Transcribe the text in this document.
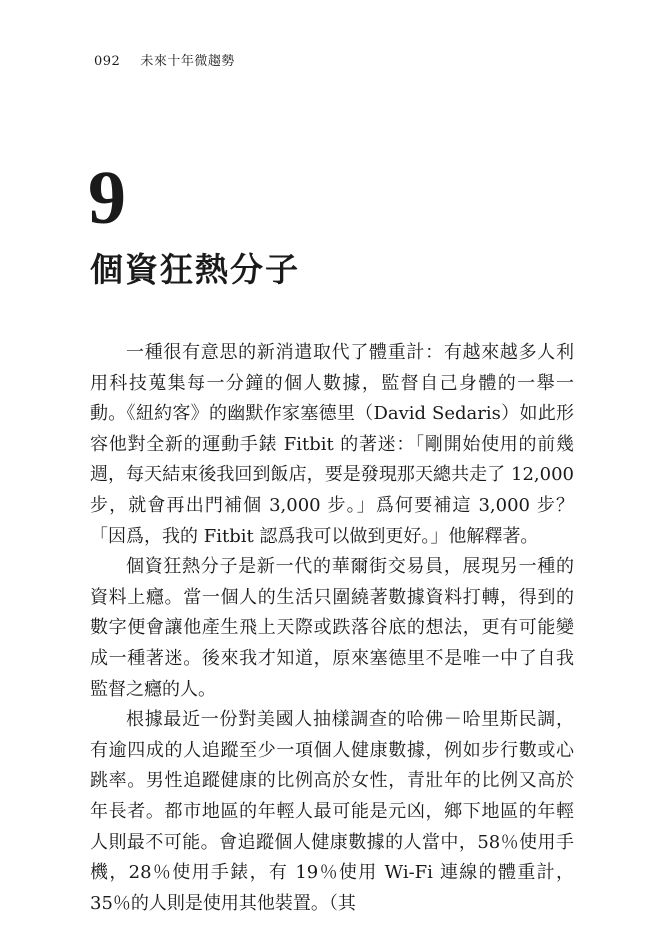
092 未來十年微趨勢
9
個資狂熱分子

一種很有意思的新消遣取代了體重計：有越來越多人利用科技蒐集每一分鐘的個人數據，監督自己身體的一舉一動。《紐約客》的幽默作家塞德里（David Sedaris）如此形容他對全新的運動手錶 Fitbit 的著迷：「剛開始使用的前幾週，每天結束後我回到飯店，要是發現那天總共走了 12,000 步，就會再出門補個 3,000 步。」爲何要補這 3,000 步？「因爲，我的 Fitbit 認爲我可以做到更好。」他解釋著。

個資狂熱分子是新一代的華爾街交易員，展現另一種的資料上癮。當一個人的生活只圍繞著數據資料打轉，得到的數字便會讓他產生飛上天際或跌落谷底的想法，更有可能變成一種著迷。後來我才知道，原來塞德里不是唯一中了自我監督之癮的人。

根據最近一份對美國人抽樣調查的哈佛－哈里斯民調，有逾四成的人追蹤至少一項個人健康數據，例如步行數或心跳率。男性追蹤健康的比例高於女性，青壯年的比例又高於年長者。都市地區的年輕人最可能是元凶，鄉下地區的年輕人則最不可能。會追蹤個人健康數據的人當中，58％使用手機，28％使用手錶，有 19％使用 Wi-Fi 連線的體重計，35％的人則是使用其他裝置。（其
